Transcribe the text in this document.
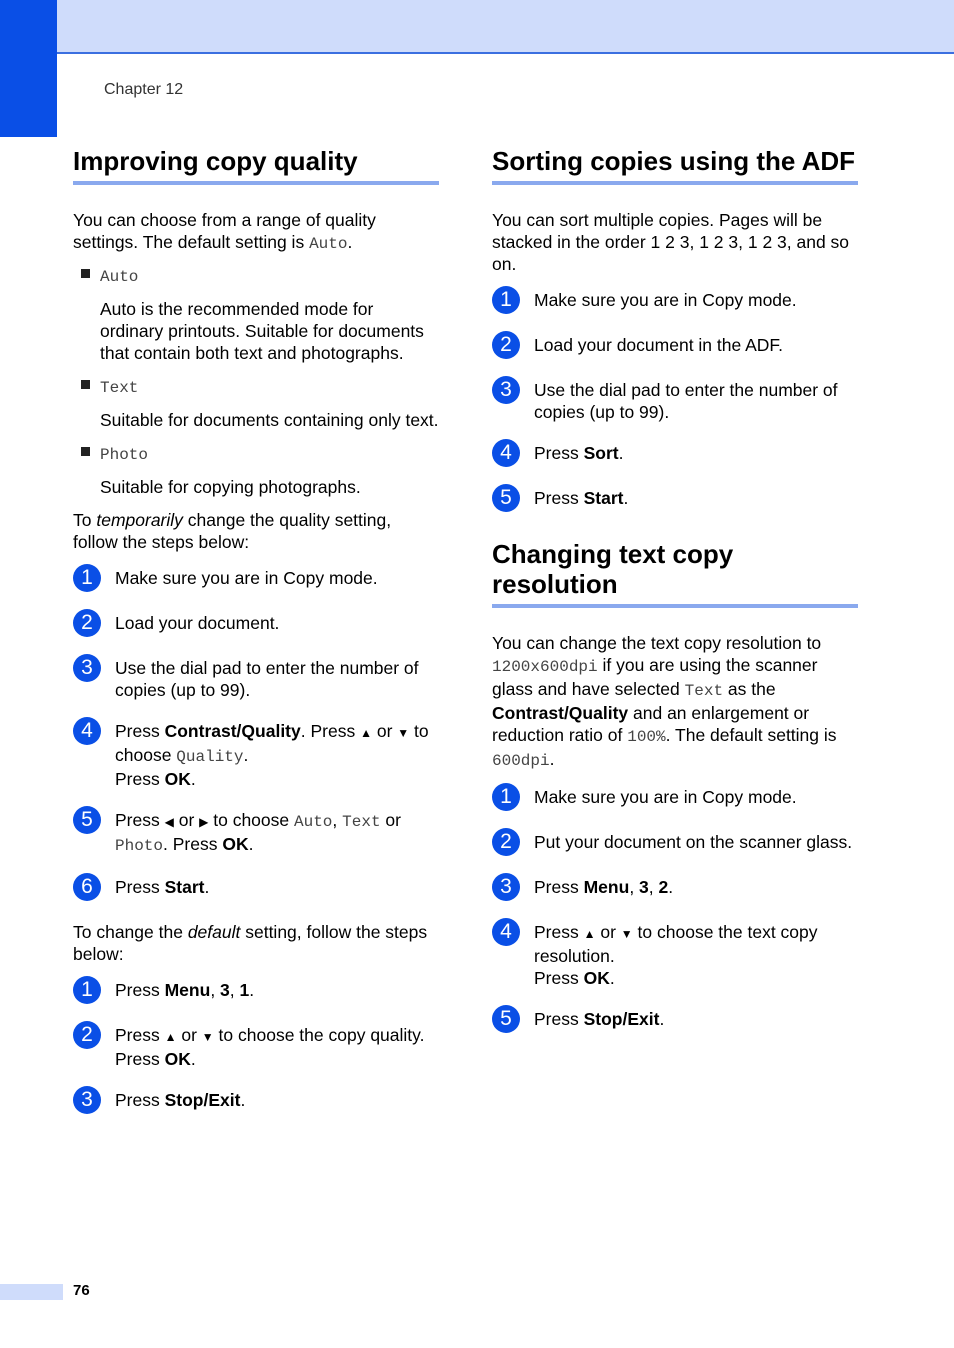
Chapter 12
Improving copy quality

You can choose from a range of quality settings. The default setting is Auto.

Auto
Auto is the recommended mode for ordinary printouts. Suitable for documents that contain both text and photographs.
Text
Suitable for documents containing only text.
Photo
Suitable for copying photographs.

To temporarily change the quality setting, follow the steps below:

1	Make sure you are in Copy mode.
2	Load your document.
3	Use the dial pad to enter the number of copies (up to 99).
4	Press Contrast/Quality. Press ▲ or ▼ to choose Quality.
Press OK.
5	Press ◀ or ▶ to choose Auto, Text or Photo. Press OK.
6	Press Start.

To change the default setting, follow the steps below:

1	Press Menu, 3, 1.
2	Press ▲ or ▼ to choose the copy quality.
Press OK.
3	Press Stop/Exit.
Sorting copies using the ADF

You can sort multiple copies. Pages will be stacked in the order 1 2 3, 1 2 3, 1 2 3, and so on.

1	Make sure you are in Copy mode.
2	Load your document in the ADF.
3	Use the dial pad to enter the number of copies (up to 99).
4	Press Sort.
5	Press Start.
Changing text copy resolution

You can change the text copy resolution to 1200x600dpi if you are using the scanner glass and have selected Text as the Contrast/Quality and an enlargement or reduction ratio of 100%. The default setting is 600dpi.

1	Make sure you are in Copy mode.
2	Put your document on the scanner glass.
3	Press Menu, 3, 2.
4	Press ▲ or ▼ to choose the text copy resolution.
Press OK.
5	Press Stop/Exit.
76
